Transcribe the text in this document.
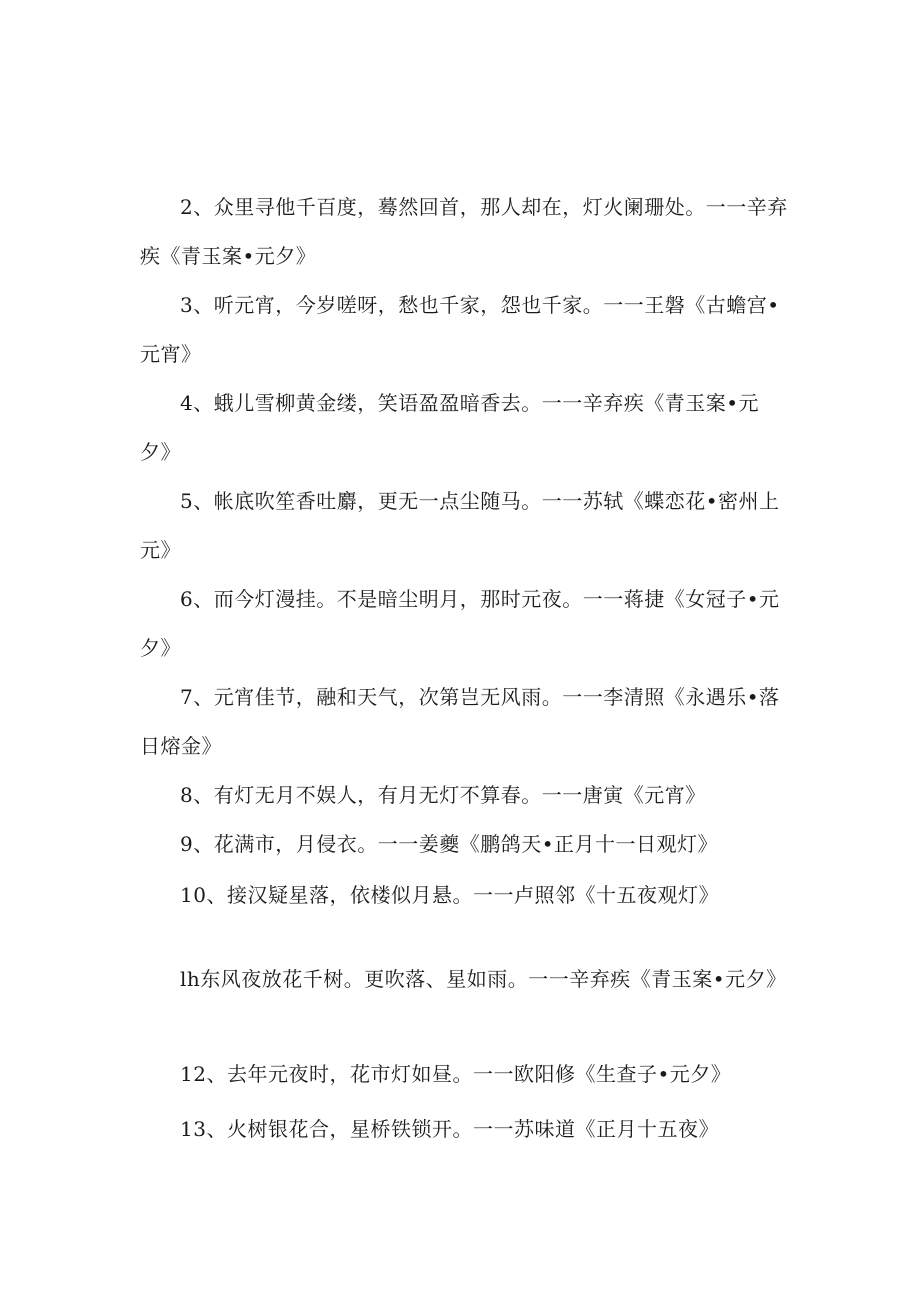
2、众里寻他千百度，蓦然回首，那人却在，灯火阑珊处。一一辛弃疾《青玉案•元夕》

3、听元宵，今岁嗟呀，愁也千家，怨也千家。一一王磐《古蟾宫•元宵》

4、蛾儿雪柳黄金缕，笑语盈盈暗香去。一一辛弃疾《青玉案•元夕》

5、帐底吹笙香吐麝，更无一点尘随马。一一苏轼《蝶恋花•密州上元》

6、而今灯漫挂。不是暗尘明月，那时元夜。一一蒋捷《女冠子•元夕》

7、元宵佳节，融和天气，次第岂无风雨。一一李清照《永遇乐•落日熔金》

8、有灯无月不娱人，有月无灯不算春。一一唐寅《元宵》

9、花满市，月侵衣。一一姜夔《鹏鸽天•正月十一日观灯》

10、接汉疑星落，依楼似月悬。一一卢照邻《十五夜观灯》

lh东风夜放花千树。更吹落、星如雨。一一辛弃疾《青玉案•元夕》

12、去年元夜时，花市灯如昼。一一欧阳修《生查子•元夕》

13、火树银花合，星桥铁锁开。一一苏味道《正月十五夜》
